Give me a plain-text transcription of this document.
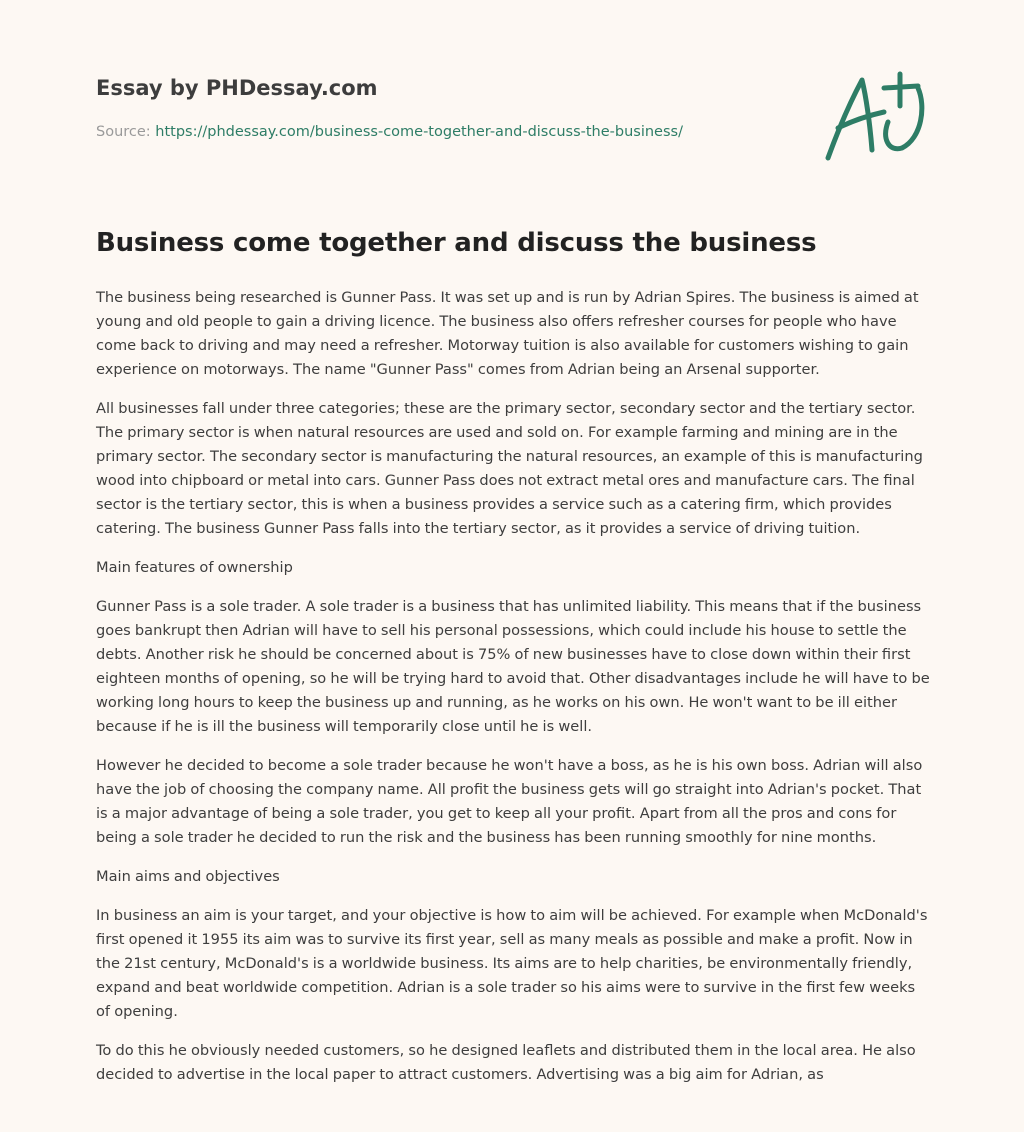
Essay by PHDessay.com
Source: https://phdessay.com/business-come-together-and-discuss-the-business/
Business come together and discuss the business

The business being researched is Gunner Pass. It was set up and is run by Adrian Spires. The business is aimed at young and old people to gain a driving licence. The business also offers refresher courses for people who have come back to driving and may need a refresher. Motorway tuition is also available for customers wishing to gain experience on motorways. The name "Gunner Pass" comes from Adrian being an Arsenal supporter.

All businesses fall under three categories; these are the primary sector, secondary sector and the tertiary sector. The primary sector is when natural resources are used and sold on. For example farming and mining are in the primary sector. The secondary sector is manufacturing the natural resources, an example of this is manufacturing wood into chipboard or metal into cars. Gunner Pass does not extract metal ores and manufacture cars. The final sector is the tertiary sector, this is when a business provides a service such as a catering firm, which provides catering. The business Gunner Pass falls into the tertiary sector, as it provides a service of driving tuition.

Main features of ownership

Gunner Pass is a sole trader. A sole trader is a business that has unlimited liability. This means that if the business goes bankrupt then Adrian will have to sell his personal possessions, which could include his house to settle the debts. Another risk he should be concerned about is 75% of new businesses have to close down within their first eighteen months of opening, so he will be trying hard to avoid that. Other disadvantages include he will have to be working long hours to keep the business up and running, as he works on his own. He won't want to be ill either because if he is ill the business will temporarily close until he is well.

However he decided to become a sole trader because he won't have a boss, as he is his own boss. Adrian will also have the job of choosing the company name. All profit the business gets will go straight into Adrian's pocket. That is a major advantage of being a sole trader, you get to keep all your profit. Apart from all the pros and cons for being a sole trader he decided to run the risk and the business has been running smoothly for nine months.

Main aims and objectives

In business an aim is your target, and your objective is how to aim will be achieved. For example when McDonald's first opened it 1955 its aim was to survive its first year, sell as many meals as possible and make a profit. Now in the 21st century, McDonald's is a worldwide business. Its aims are to help charities, be environmentally friendly, expand and beat worldwide competition. Adrian is a sole trader so his aims were to survive in the first few weeks of opening.

To do this he obviously needed customers, so he designed leaflets and distributed them in the local area. He also decided to advertise in the local paper to attract customers. Advertising was a big aim for Adrian, as
